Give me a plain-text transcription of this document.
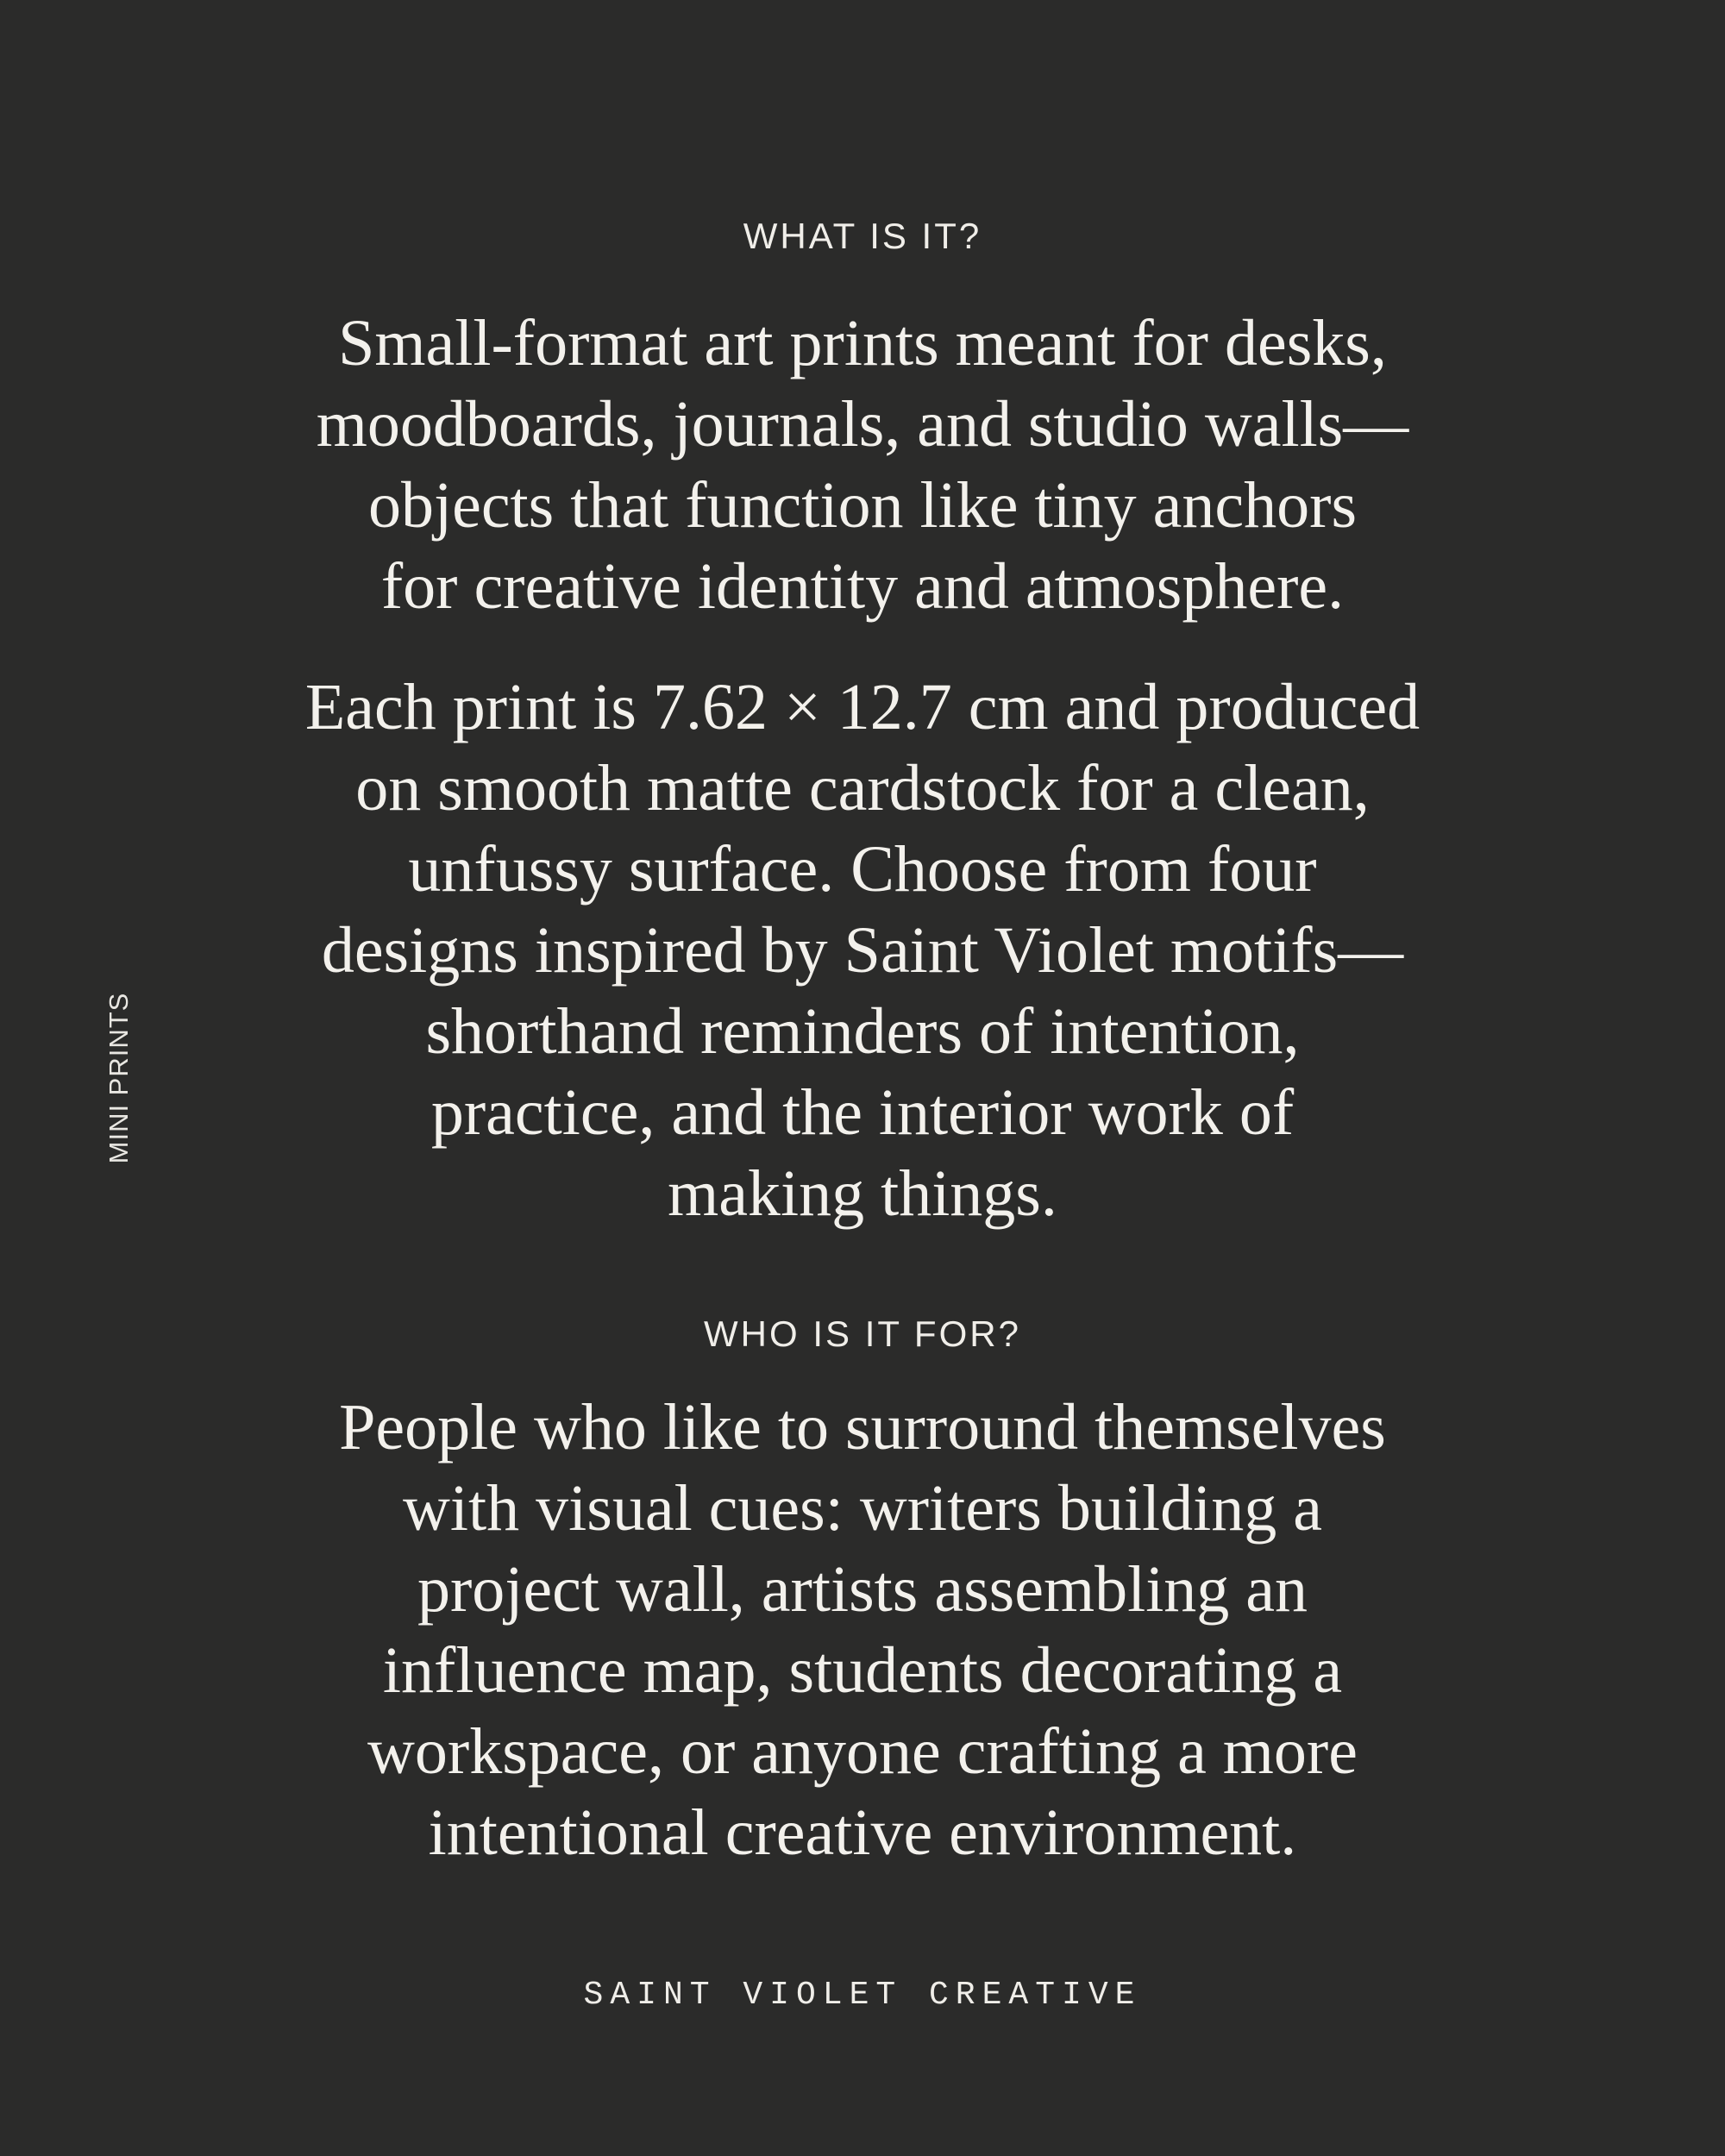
MINI PRINTS
WHAT IS IT?

Small-format art prints meant for desks,
moodboards, journals, and studio walls—
objects that function like tiny anchors
for creative identity and atmosphere.

Each print is 7.62 × 12.7 cm and produced
on smooth matte cardstock for a clean,
unfussy surface. Choose from four
designs inspired by Saint Violet motifs—
shorthand reminders of intention,
practice, and the interior work of
making things.

WHO IS IT FOR?

People who like to surround themselves
with visual cues: writers building a
project wall, artists assembling an
influence map, students decorating a
workspace, or anyone crafting a more
intentional creative environment.

SAINT VIOLET CREATIVE
